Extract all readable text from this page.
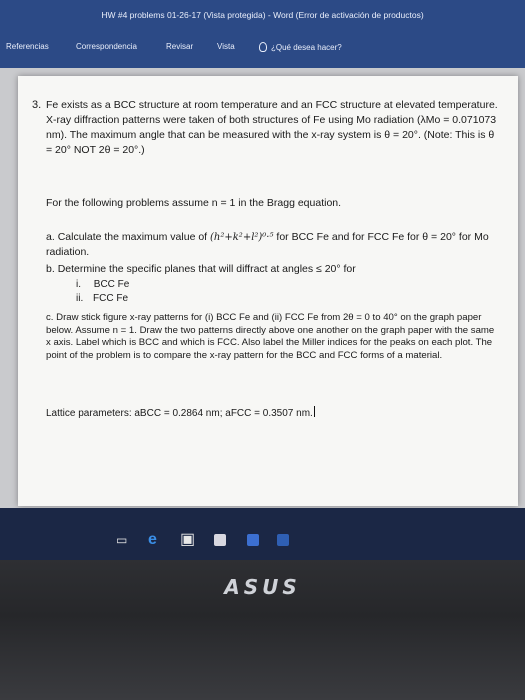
HW #4 problems 01-26-17 (Vista protegida) - Word (Error de activación de productos)
Referencias	Correspondencia	Revisar	Vista	¿Qué desea hacer?
3. Fe exists as a BCC structure at room temperature and an FCC structure at elevated temperature. X-ray diffraction patterns were taken of both structures of Fe using Mo radiation (λMo = 0.071073 nm). The maximum angle that can be measured with the x-ray system is θ = 20°. (Note: This is θ = 20° NOT 2θ = 20°.)
For the following problems assume n = 1 in the Bragg equation.
a. Calculate the maximum value of (h²+k²+l²)⁰·⁵ for BCC Fe and for FCC Fe for θ = 20° for Mo radiation.
b. Determine the specific planes that will diffract at angles ≤ 20° for
i. BCC Fe
ii. FCC Fe
c. Draw stick figure x-ray patterns for (i) BCC Fe and (ii) FCC Fe from 2θ = 0 to 40° on the graph paper below. Assume n = 1. Draw the two patterns directly above one another on the graph paper with the same x axis. Label which is BCC and which is FCC. Also label the Miller indices for the peaks on each plot. The point of the problem is to compare the x-ray pattern for the BCC and FCC forms of a material.
Lattice parameters: aBCC = 0.2864 nm; aFCC = 0.3507 nm.
▭ e ▣
ASUS
